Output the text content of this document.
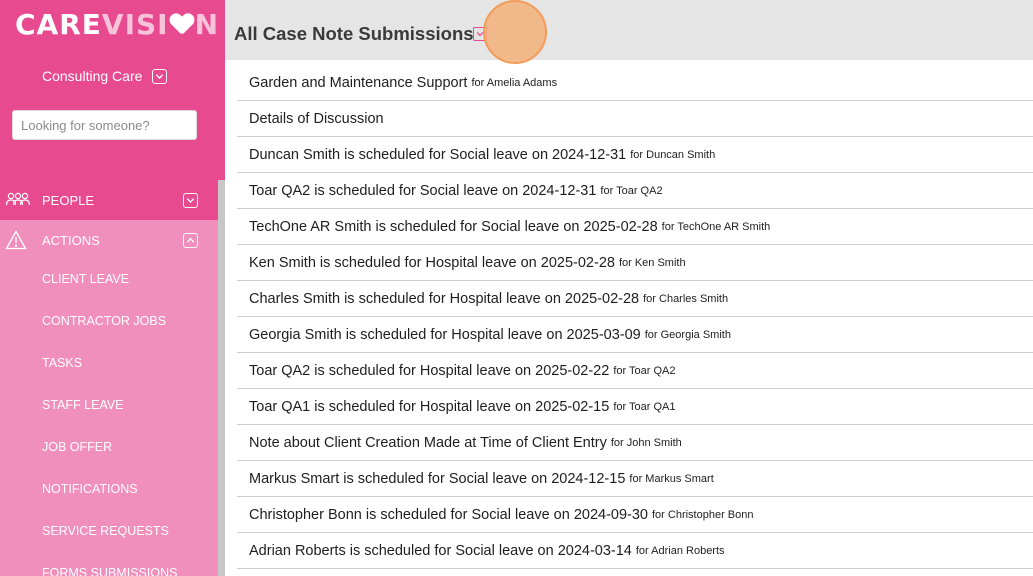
CAREVISI N
Consulting Care
Looking for someone?
PEOPLE
ACTIONS
CLIENT LEAVE
CONTRACTOR JOBS
TASKS
STAFF LEAVE
JOB OFFER
NOTIFICATIONS
SERVICE REQUESTS
FORMS SUBMISSIONS
All Case Note Submissions
Garden and Maintenance Support for Amelia Adams
Details of Discussion
Duncan Smith is scheduled for Social leave on 2024-12-31 for Duncan Smith
Toar QA2 is scheduled for Social leave on 2024-12-31 for Toar QA2
TechOne AR Smith is scheduled for Social leave on 2025-02-28 for TechOne AR Smith
Ken Smith is scheduled for Hospital leave on 2025-02-28 for Ken Smith
Charles Smith is scheduled for Hospital leave on 2025-02-28 for Charles Smith
Georgia Smith is scheduled for Hospital leave on 2025-03-09 for Georgia Smith
Toar QA2 is scheduled for Hospital leave on 2025-02-22 for Toar QA2
Toar QA1 is scheduled for Hospital leave on 2025-02-15 for Toar QA1
Note about Client Creation Made at Time of Client Entry for John Smith
Markus Smart is scheduled for Social leave on 2024-12-15 for Markus Smart
Christopher Bonn is scheduled for Social leave on 2024-09-30 for Christopher Bonn
Adrian Roberts is scheduled for Social leave on 2024-03-14 for Adrian Roberts
